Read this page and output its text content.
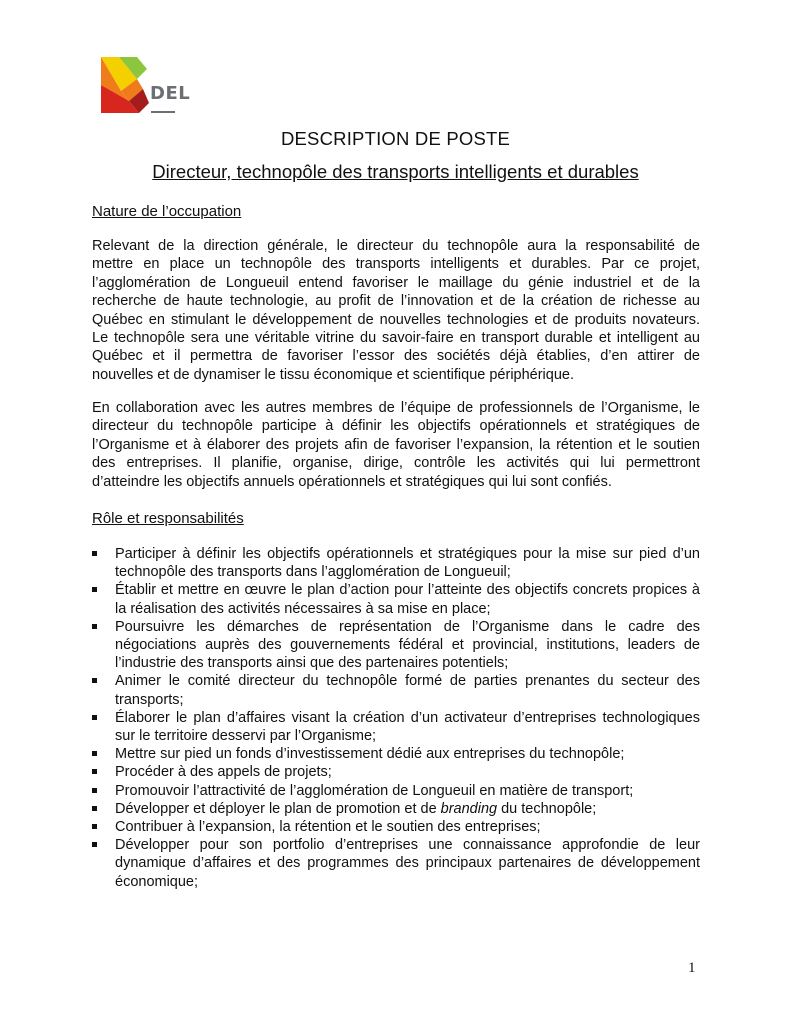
DEL
DESCRIPTION DE POSTE
Directeur, technopôle des transports intelligents et durables
Nature de l’occupation
Relevant de la direction générale, le directeur du technopôle aura la responsabilité de
mettre en place un technopôle des transports intelligents et durables. Par ce projet,
l’agglomération de Longueuil entend favoriser le maillage du génie industriel et de la
recherche de haute technologie, au profit de l’innovation et de la création de richesse au
Québec en stimulant le développement de nouvelles technologies et de produits novateurs.
Le technopôle sera une véritable vitrine du savoir-faire en transport durable et intelligent au
Québec et il permettra de favoriser l’essor des sociétés déjà établies, d’en attirer de
nouvelles et de dynamiser le tissu économique et scientifique périphérique.
En collaboration avec les autres membres de l’équipe de professionnels de l’Organisme, le
directeur du technopôle participe à définir les objectifs opérationnels et stratégiques de
l’Organisme et à élaborer des projets afin de favoriser l’expansion, la rétention et le soutien
des entreprises. Il planifie, organise, dirige, contrôle les activités qui lui permettront
d’atteindre les objectifs annuels opérationnels et stratégiques qui lui sont confiés.
Rôle et responsabilités
Participer à définir les objectifs opérationnels et stratégiques pour la mise sur pied d’un technopôle des transports dans l’agglomération de Longueuil;
Établir et mettre en œuvre le plan d’action pour l’atteinte des objectifs concrets propices à la réalisation des activités nécessaires à sa mise en place;
Poursuivre les démarches de représentation de l’Organisme dans le cadre des négociations auprès des gouvernements fédéral et provincial, institutions, leaders de l’industrie des transports ainsi que des partenaires potentiels;
Animer le comité directeur du technopôle formé de parties prenantes du secteur des transports;
Élaborer le plan d’affaires visant la création d’un activateur d’entreprises technologiques sur le territoire desservi par l’Organisme;
Mettre sur pied un fonds d’investissement dédié aux entreprises du technopôle;
Procéder à des appels de projets;
Promouvoir l’attractivité de l’agglomération de Longueuil en matière de transport;
Développer et déployer le plan de promotion et de branding du technopôle;
Contribuer à l’expansion, la rétention et le soutien des entreprises;
Développer pour son portfolio d’entreprises une connaissance approfondie de leur dynamique d’affaires et des programmes des principaux partenaires de développement économique;
1
